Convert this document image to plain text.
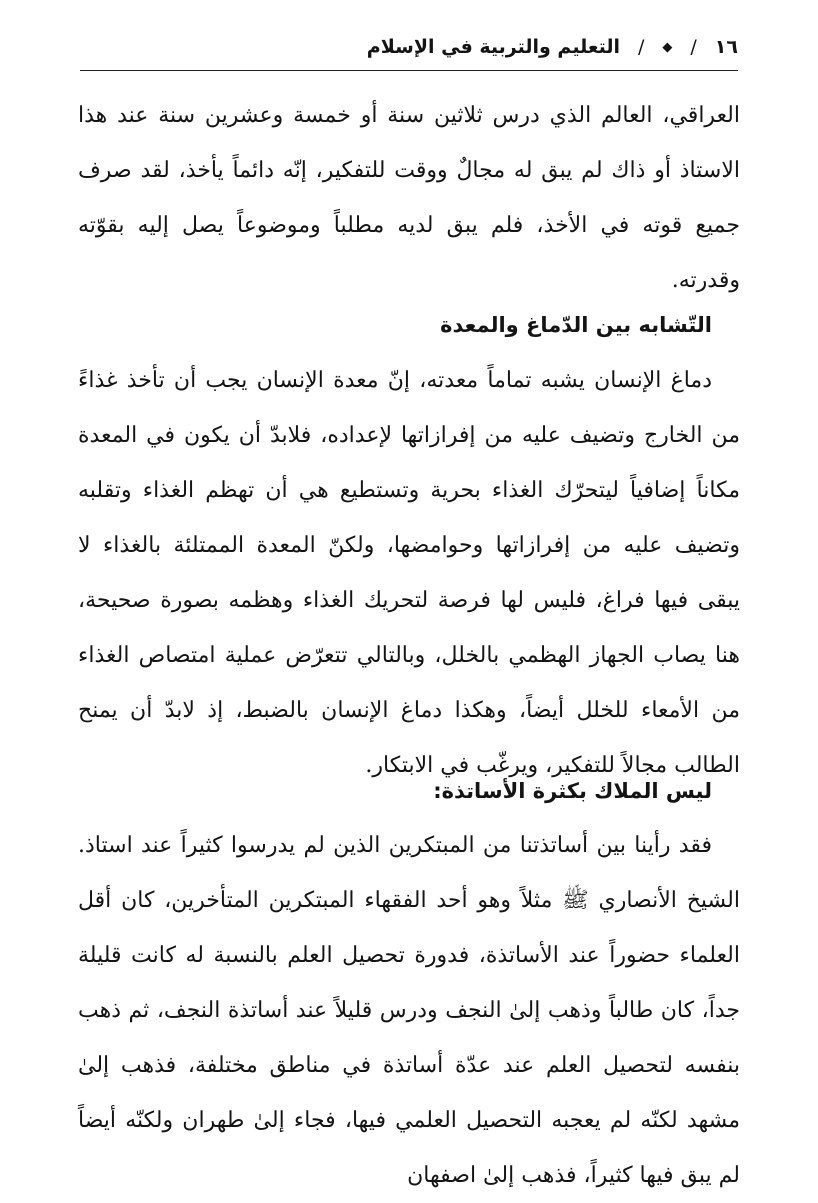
١٦
/
◆
/
التعليم والتربية في الإسلام

العراقي، العالم الذي درس ثلاثين سنة أو خمسة وعشرين سنة عند هذا الاستاذ أو ذاك لم يبق له مجالٌ ووقت للتفكير، إنّه دائماً يأخذ، لقد صرف جميع قوته في الأخذ، فلم يبق لديه مطلباً وموضوعاً يصل إليه بقوّته وقدرته.

التّشابه بين الدّماغ والمعدة

دماغ الإنسان يشبه تماماً معدته، إنّ معدة الإنسان يجب أن تأخذ غذاءً من الخارج وتضيف عليه من إفرازاتها لإعداده، فلابدّ أن يكون في المعدة مكاناً إضافياً ليتحرّك الغذاء بحرية وتستطيع هي أن تهظم الغذاء وتقلبه وتضيف عليه من إفرازاتها وحوامضها، ولكنّ المعدة الممتلئة بالغذاء لا يبقى فيها فراغ، فليس لها فرصة لتحريك الغذاء وهظمه بصورة صحيحة، هنا يصاب الجهاز الهظمي بالخلل، وبالتالي تتعرّض عملية امتصاص الغذاء من الأمعاء للخلل أيضاً، وهكذا دماغ الإنسان بالضبط، إذ لابدّ أن يمنح الطالب مجالاً للتفكير، ويرغّب في الابتكار.

ليس الملاك بكثرة الأساتذة:

فقد رأينا بين أساتذتنا من المبتكرين الذين لم يدرسوا كثيراً عند استاذ. الشيخ الأنصاري ﷺ مثلاً وهو أحد الفقهاء المبتكرين المتأخرين، كان أقل العلماء حضوراً عند الأساتذة، فدورة تحصيل العلم بالنسبة له كانت قليلة جداً، كان طالباً وذهب إلىٰ النجف ودرس قليلاً عند أساتذة النجف، ثم ذهب بنفسه لتحصيل العلم عند عدّة أساتذة في مناطق مختلفة، فذهب إلىٰ مشهد لكنّه لم يعجبه التحصيل العلمي فيها، فجاء إلىٰ طهران ولكنّه أيضاً لم يبق فيها كثيراً، فذهب إلىٰ اصفهان
